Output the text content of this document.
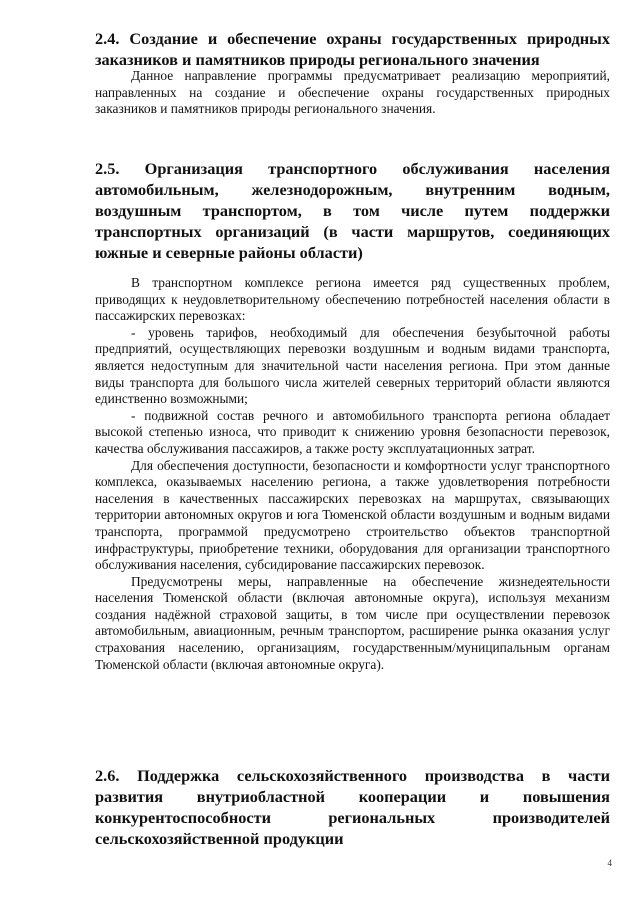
2.4. Создание и обеспечение охраны государственных природных заказников и памятников природы регионального значения

Данное направление программы предусматривает реализацию мероприятий, направленных на создание и обеспечение охраны государственных природных заказников и памятников природы регионального значения.

2.5. Организация транспортного обслуживания населения автомобильным, железнодорожным, внутренним водным, воздушным транспортом, в том числе путем поддержки транспортных организаций (в части маршрутов, соединяющих южные и северные районы области)

В транспортном комплексе региона имеется ряд существенных проблем, приводящих к неудовлетворительному обеспечению потребностей населения области в пассажирских перевозках:

- уровень тарифов, необходимый для обеспечения безубыточной работы предприятий, осуществляющих перевозки воздушным и водным видами транспорта, является недоступным для значительной части населения региона. При этом данные виды транспорта для большого числа жителей северных территорий области являются единственно возможными;

- подвижной состав речного и автомобильного транспорта региона обладает высокой степенью износа, что приводит к снижению уровня безопасности перевозок, качества обслуживания пассажиров, а также росту эксплуатационных затрат.

Для обеспечения доступности, безопасности и комфортности услуг транспортного комплекса, оказываемых населению региона, а также удовлетворения потребности населения в качественных пассажирских перевозках на маршрутах, связывающих территории автономных округов и юга Тюменской области воздушным и водным видами транспорта, программой предусмотрено строительство объектов транспортной инфраструктуры, приобретение техники, оборудования для организации транспортного обслуживания населения, субсидирование пассажирских перевозок.

Предусмотрены меры, направленные на обеспечение жизнедеятельности населения Тюменской области (включая автономные округа), используя механизм создания надёжной страховой защиты, в том числе при осуществлении перевозок автомобильным, авиационным, речным транспортом, расширение рынка оказания услуг страхования населению, организациям, государственным/муниципальным органам Тюменской области (включая автономные округа).

2.6. Поддержка сельскохозяйственного производства в части развития внутриобластной кооперации и повышения конкурентоспособности региональных производителей сельскохозяйственной продукции
4
